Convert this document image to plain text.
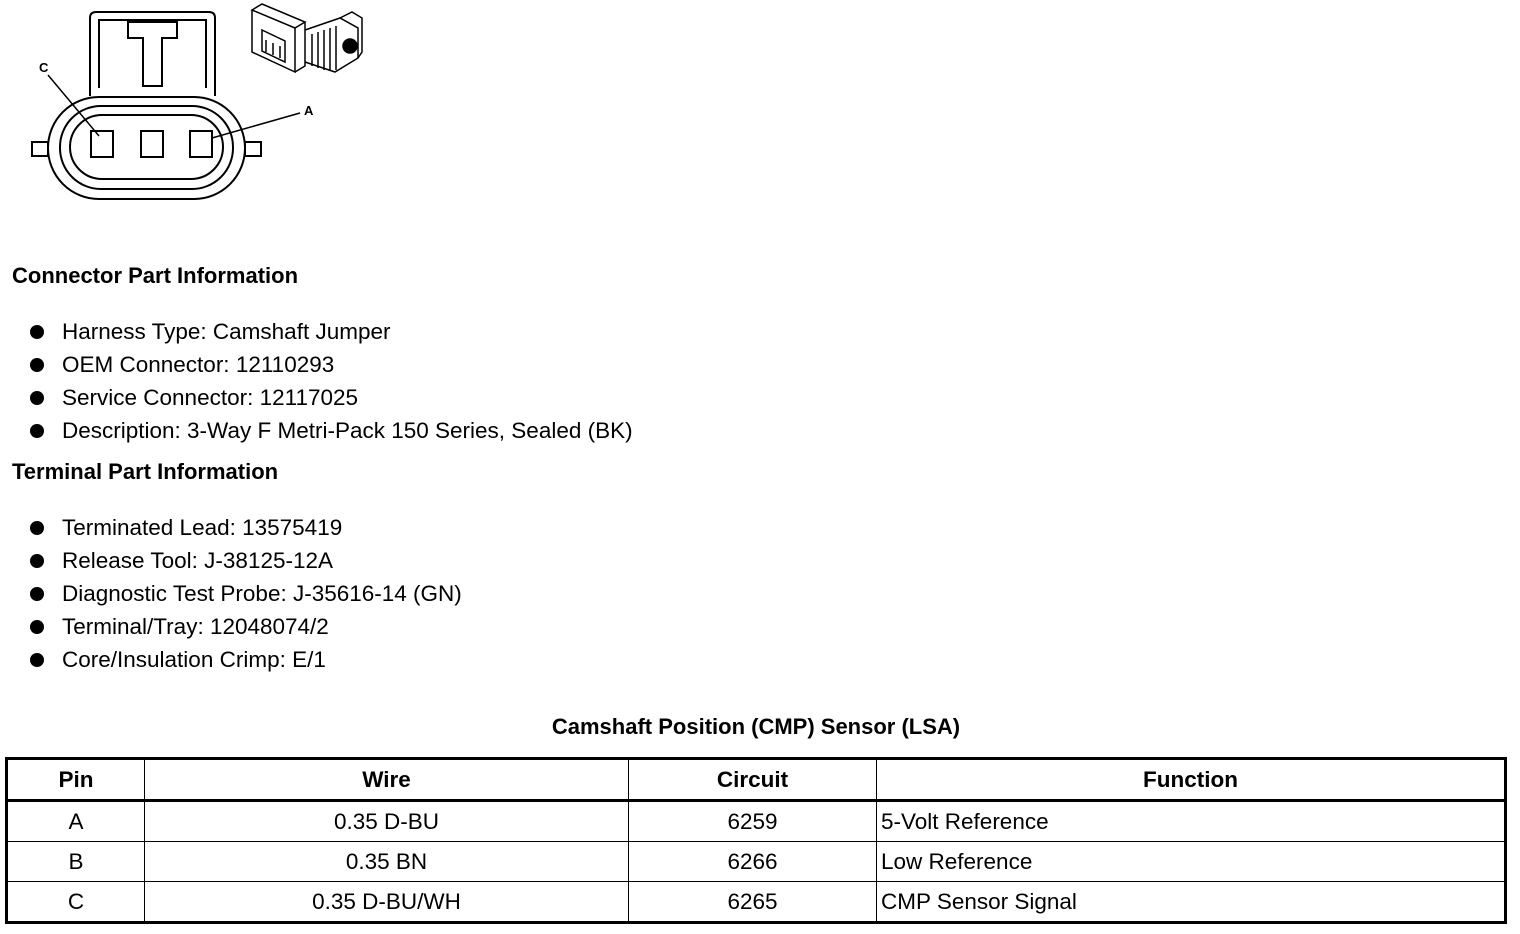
C
A
Connector Part Information
Harness Type: Camshaft Jumper
OEM Connector: 12110293
Service Connector: 12117025
Description: 3-Way F Metri-Pack 150 Series, Sealed (BK)
Terminal Part Information
Terminated Lead: 13575419
Release Tool: J-38125-12A
Diagnostic Test Probe: J-35616-14 (GN)
Terminal/Tray: 12048074/2
Core/Insulation Crimp: E/1
Camshaft Position (CMP) Sensor (LSA)
Pin	Wire	Circuit	Function
A	0.35 D-BU	6259	5-Volt Reference
B	0.35 BN	6266	Low Reference
C	0.35 D-BU/WH	6265	CMP Sensor Signal
